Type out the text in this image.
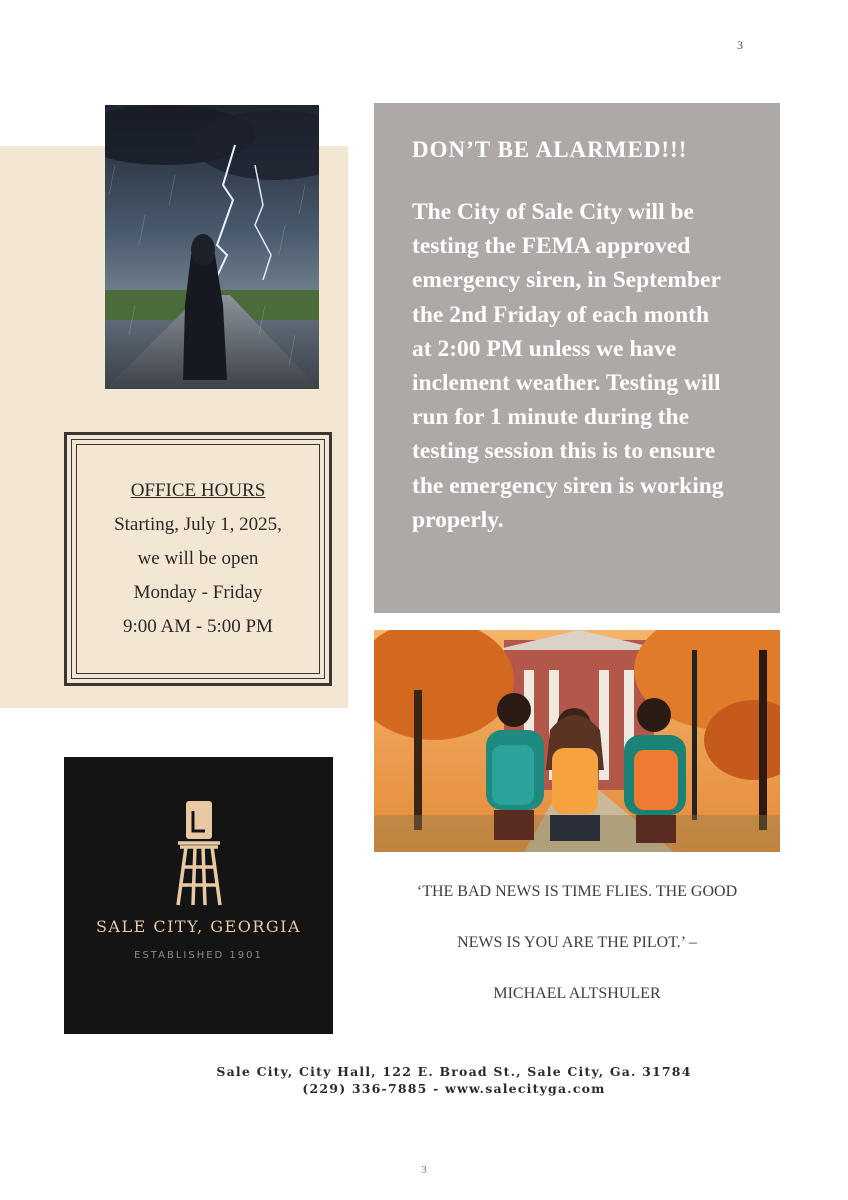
3
OFFICE HOURS
Starting, July 1, 2025,
we will be open
Monday - Friday
9:00 AM - 5:00 PM
DON’T BE ALARMED!!!

The City of Sale City will be testing the FEMA approved emergency siren, in September the 2nd Friday of each month at 2:00 PM unless we have inclement weather. Testing will run for 1 minute during the testing session this is to ensure the emergency siren is working properly.

SALE CITY, GEORGIA
ESTABLISHED 1901
‘THE BAD NEWS IS TIME FLIES. THE GOOD
NEWS IS YOU ARE THE PILOT.’ –
MICHAEL ALTSHULER
Sale City, City Hall, 122 E. Broad St., Sale City, Ga. 31784
(229) 336-7885 - www.salecityga.com
3
